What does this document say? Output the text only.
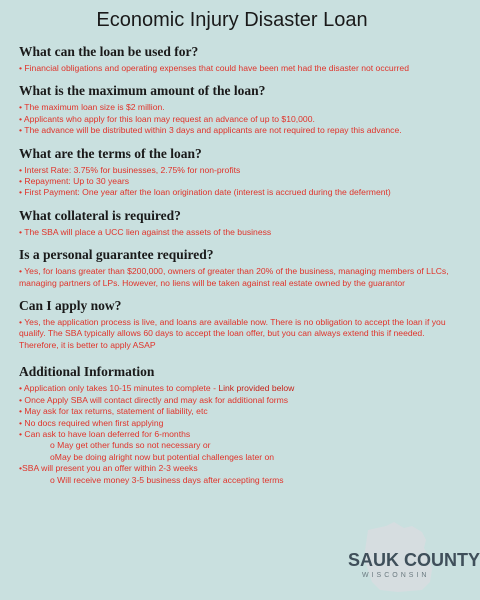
Economic Injury Disaster Loan
What can the loan be used for?
• Financial obligations and operating expenses that could have been met had the disaster not occurred
What is the maximum amount of the loan?
• The maximum loan size is $2 million.
• Applicants who apply for this loan may request an advance of up to $10,000.
• The advance will be distributed within 3 days and applicants are not required to repay this advance.
What are the terms of the loan?
• Interst Rate: 3.75% for businesses, 2.75% for non-profits
• Repayment: Up to 30 years
• First Payment: One year after the loan origination date (interest is accrued during the deferment)
What collateral is required?
• The SBA will place a UCC lien against the assets of the business
Is a personal guarantee required?
• Yes, for loans greater than $200,000, owners of greater than 20% of the business, managing members of LLCs, managing partners of LPs. However, no liens will be taken against real estate owned by the guarantor
Can I apply now?
• Yes, the application process is live, and loans are available now. There is no obligation to accept the loan if you qualify. The SBA typically allows 60 days to accept the loan offer, but you can always extend this if needed. Therefore, it is better to apply ASAP
Additional Information
• Application only takes 10-15 minutes to complete - Link provided below
• Once Apply SBA will contact directly and may ask for additional forms
• May ask for tax returns, statement of liability, etc
• No docs required when first applying
• Can ask to have loan deferred for 6-months
o May get other funds so not necessary or
oMay be doing alright now but potential challenges later on
•SBA will present you an offer within 2-3 weeks
o Will receive money 3-5 business days after accepting terms
SAUK COUNTY
WISCONSIN
